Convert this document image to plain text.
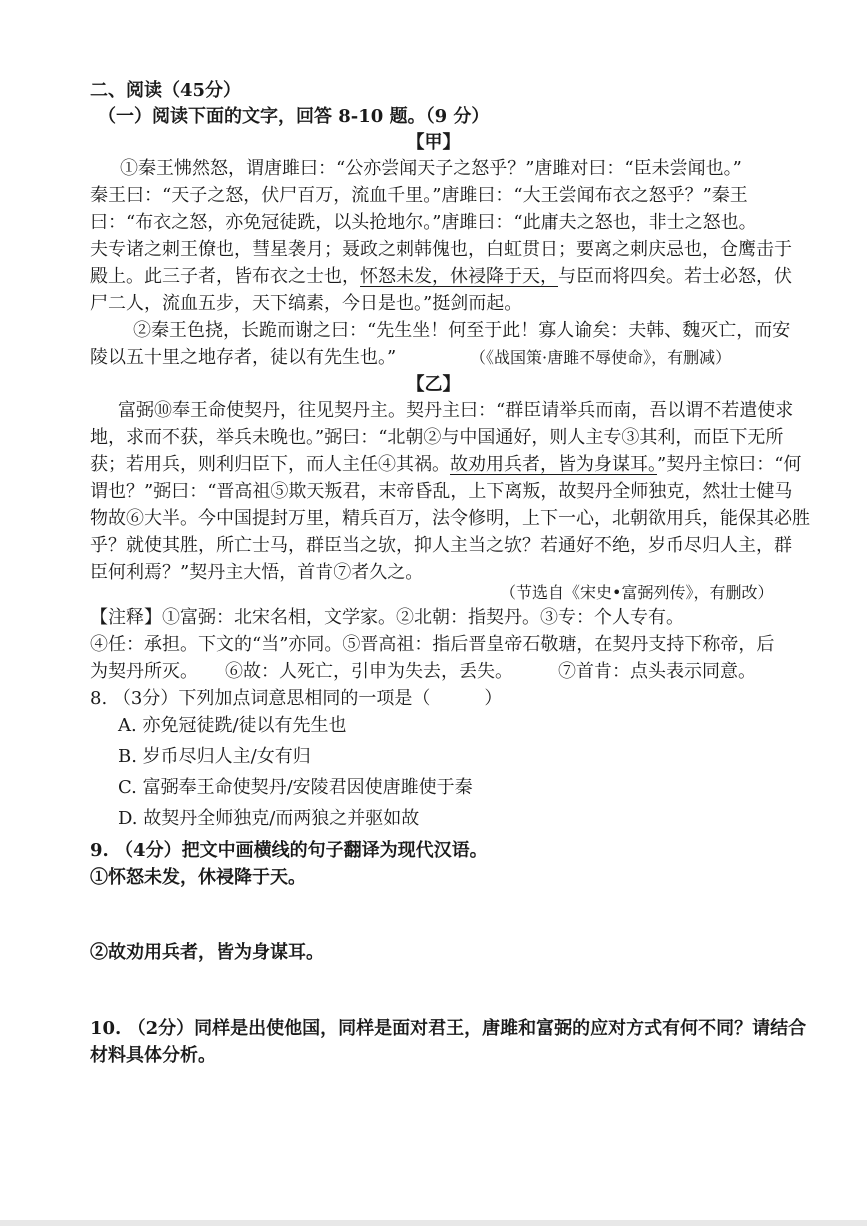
二、阅读（45分）
（一）阅读下面的文字，回答 8-10 题。（9 分）
【甲】
①秦王怫然怒，谓唐雎曰：“公亦尝闻天子之怒乎？”唐雎对曰：“臣未尝闻也。”
秦王曰：“天子之怒，伏尸百万，流血千里。”唐雎曰：“大王尝闻布衣之怒乎？”秦王
曰：“布衣之怒，亦免冠徒跣，以头抢地尔。”唐雎曰：“此庸夫之怒也，非士之怒也。
夫专诸之刺王僚也，彗星袭月；聂政之刺韩傀也，白虹贯日；要离之刺庆忌也，仓鹰击于
殿上。此三子者，皆布衣之士也，怀怒未发，休祲降于天，与臣而将四矣。若士必怒，伏
尸二人，流血五步，天下缟素，今日是也。”挺剑而起。
②秦王色挠，长跪而谢之曰：“先生坐！何至于此！寡人谕矣：夫韩、魏灭亡，而安
陵以五十里之地存者，徒以有先生也。”	（《战国策·唐雎不辱使命》，有删减）
【乙】
富弼⑩奉王命使契丹，往见契丹主。契丹主曰：“群臣请举兵而南，吾以谓不若遣使求
地，求而不获，举兵未晚也。”弼曰：“北朝②与中国通好，则人主专③其利，而臣下无所
获；若用兵，则利归臣下，而人主任④其祸。故劝用兵者，皆为身谋耳。”契丹主惊曰：“何
谓也？”弼曰：“晋高祖⑤欺天叛君，末帝昏乱，上下离叛，故契丹全师独克，然壮士健马
物故⑥大半。今中国提封万里，精兵百万，法令修明，上下一心，北朝欲用兵，能保其必胜
乎？就使其胜，所亡士马，群臣当之欤，抑人主当之欤？若通好不绝，岁币尽归人主，群
臣何利焉？”契丹主大悟，首肯⑦者久之。
（节选自《宋史•富弼列传》，有删改）
【注释】①富弼：北宋名相，文学家。②北朝：指契丹。③专：个人专有。
④任：承担。下文的“当”亦同。⑤晋高祖：指后晋皇帝石敬瑭，在契丹支持下称帝，后
为契丹所灭。　　⑥故：人死亡，引申为失去，丢失。　　　⑦首肯：点头表示同意。
8. （3分）下列加点词意思相同的一项是（　　　）
A. 亦免冠徒跣/徒以有先生也
B. 岁币尽归人主/女有归
C. 富弼奉王命使契丹/安陵君因使唐雎使于秦
D. 故契丹全师独克/而两狼之并驱如故
9. （4分）把文中画横线的句子翻译为现代汉语。
①怀怒未发，休祲降于天。
②故劝用兵者，皆为身谋耳。
10. （2分）同样是出使他国，同样是面对君王，唐雎和富弼的应对方式有何不同？请结合
材料具体分析。
